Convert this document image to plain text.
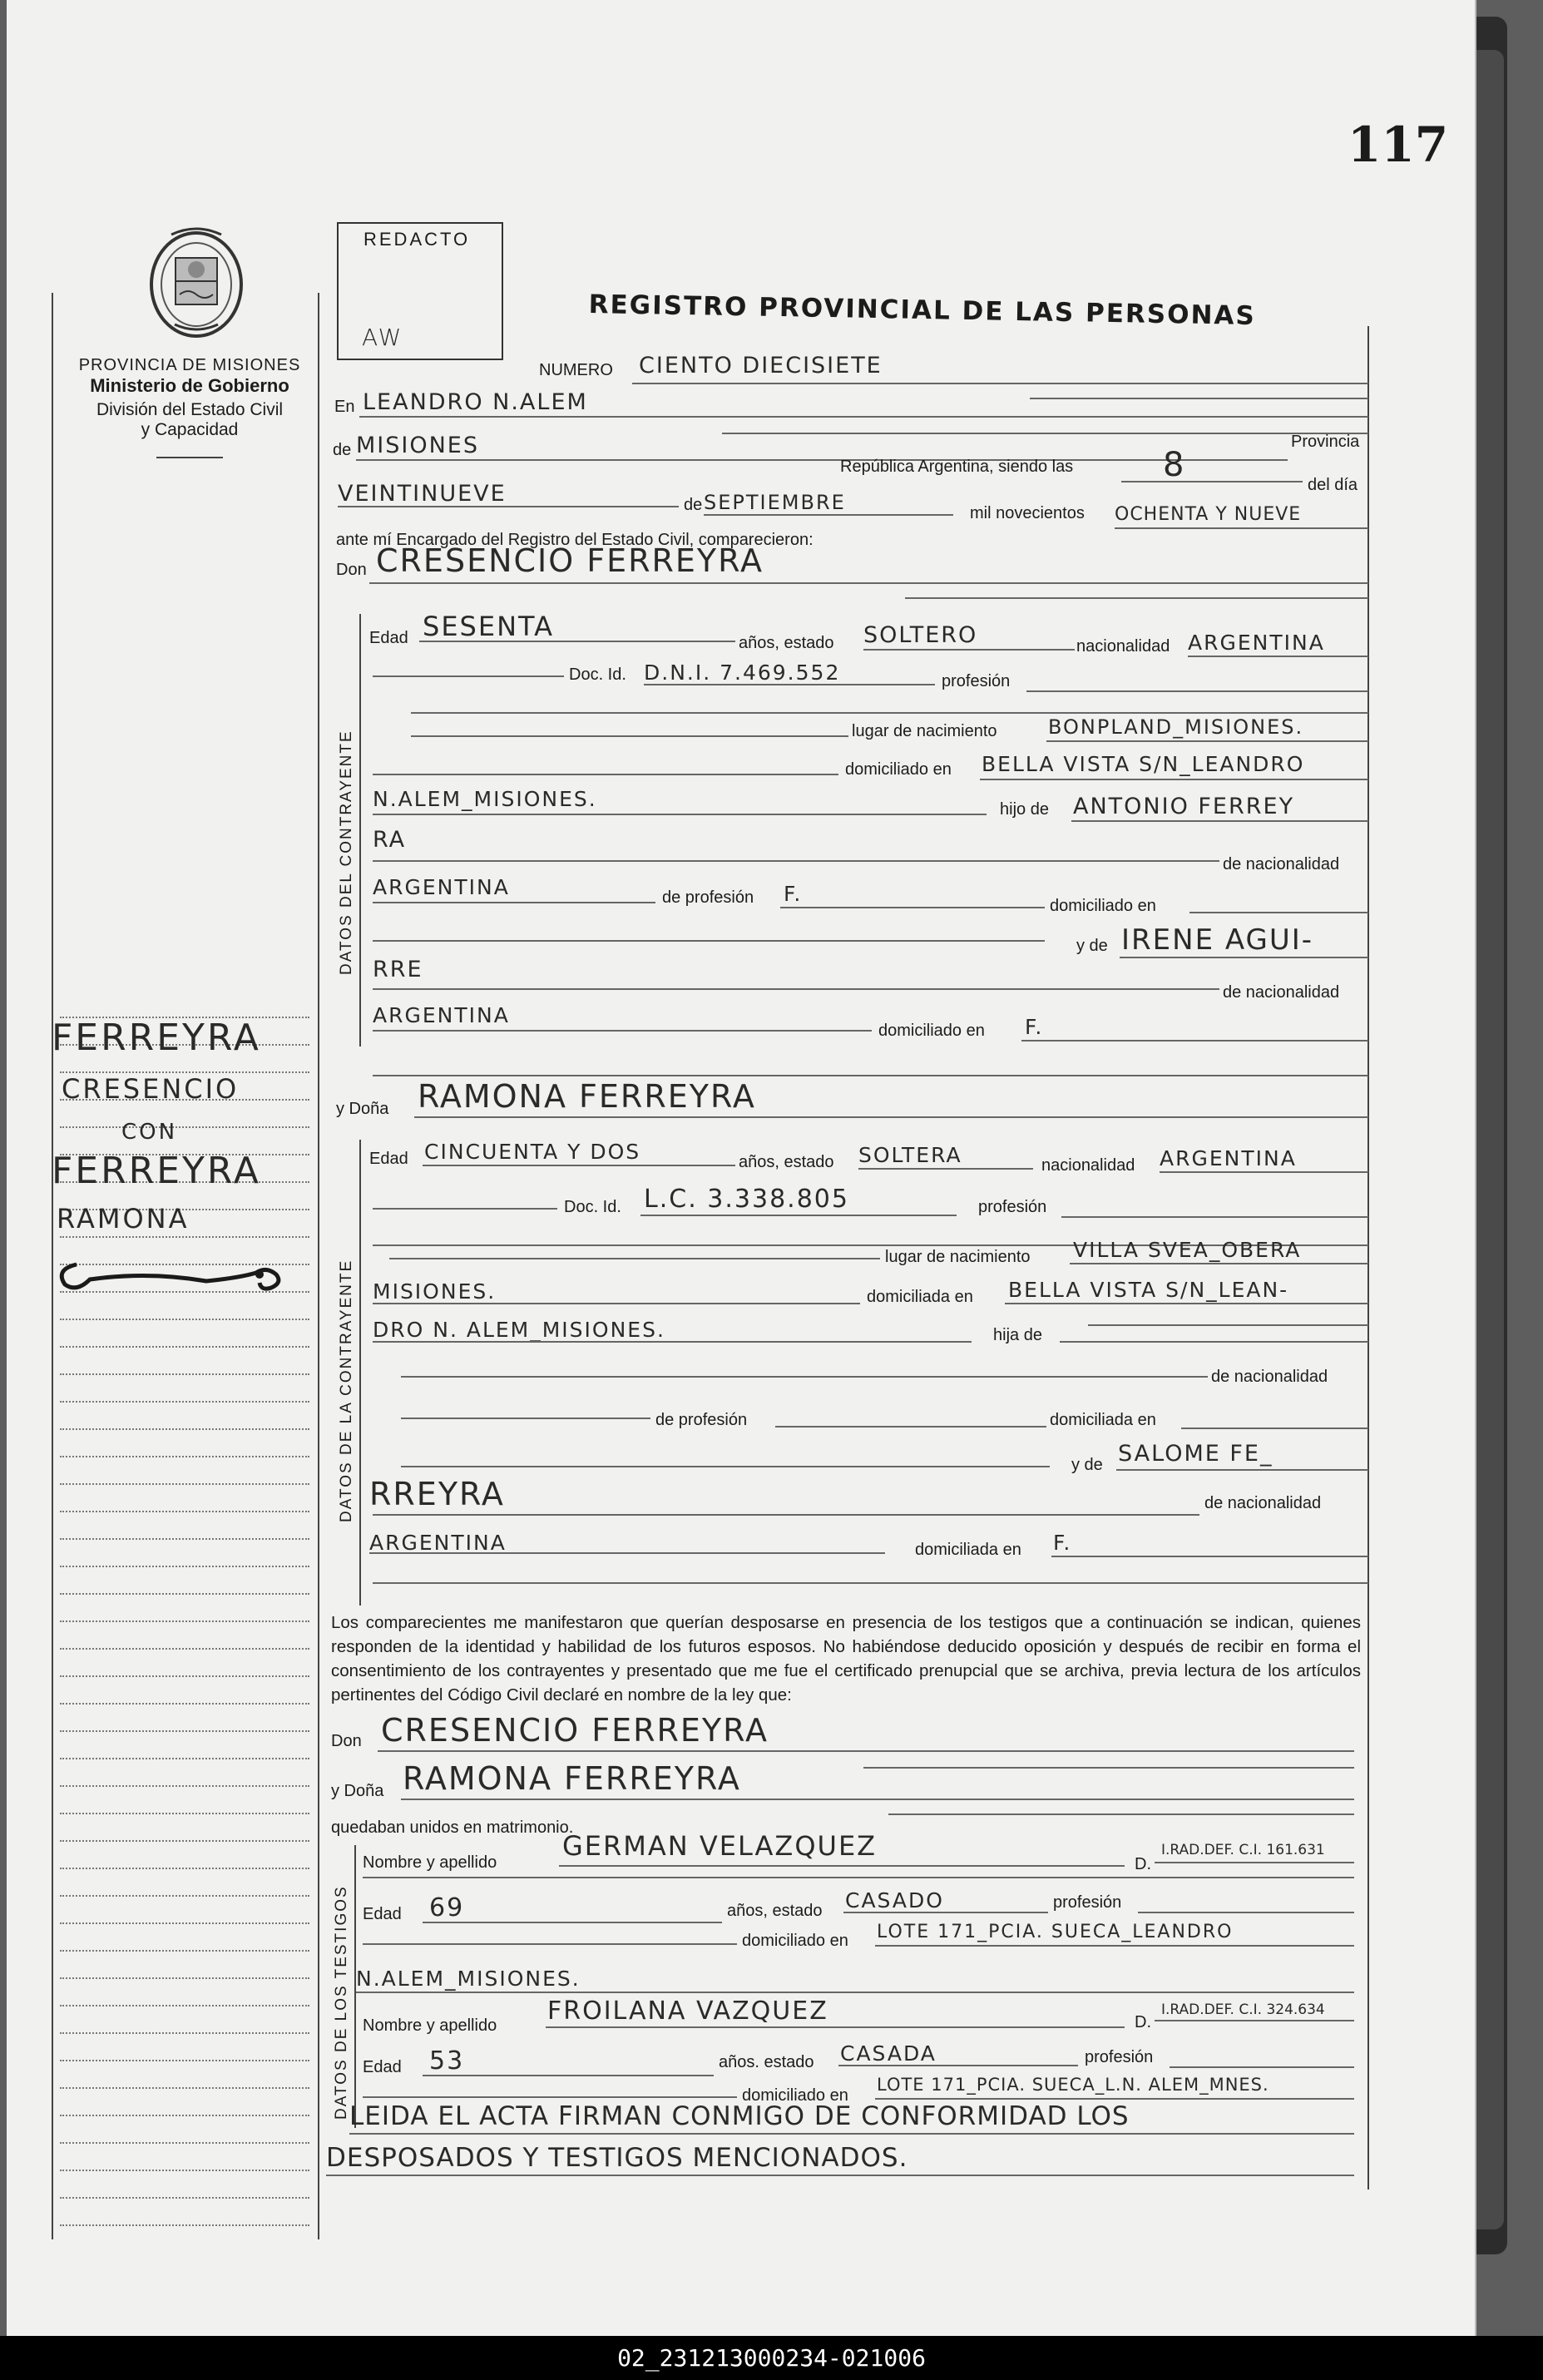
117
PROVINCIA DE MISIONES
Ministerio de Gobierno
División del Estado Civil
y Capacidad
REDACTO
AW
REGISTRO PROVINCIAL DE LAS PERSONAS
FERREYRA
CRESENCIO
CON
FERREYRA
RAMONA
NUMERO CIENTO DIECISIETE
En LEANDRO N.ALEM
de MISIONES	Provincia
República Argentina, siendo las	8
del día
VEINTINUEVE	de SEPTIEMBRE	mil novecientos OCHENTA Y NUEVE
ante mí Encargado del Registro del Estado Civil, comparecieron:
Don CRESENCIO FERREYRA
DATOS DEL CONTRAYENTE
Edad SESENTA
años, estado SOLTERO	nacionalidad ARGENTINA
Doc. Id. D.N.I. 7.469.552	profesión
lugar de nacimiento	BONPLAND_MISIONES.
domiciliado en BELLA VISTA S/N_LEANDRO
N.ALEM_MISIONES.	hijo de ANTONIO FERREY
RA
de nacionalidad
ARGENTINA	de profesión F.	domiciliado en
y de IRENE AGUI-
RRE
de nacionalidad
ARGENTINA
domiciliado en F.
y Doña RAMONA FERREYRA
DATOS DE LA CONTRAYENTE
Edad CINCUENTA Y DOS	años, estado SOLTERA	nacionalidad ARGENTINA
Doc. Id. L.C. 3.338.805	profesión
lugar de nacimiento VILLA SVEA_OBERA
MISIONES.	domiciliada en BELLA VISTA S/N_LEAN-
DRO N. ALEM_MISIONES.	hija de
de nacionalidad
de profesión	domiciliada en
y de SALOME FE_
RREYRA	de nacionalidad
ARGENTINA	domiciliada en F.
Los comparecientes me manifestaron que querían desposarse en presencia de los testigos que a continuación se indican, quienes responden de la identidad y habilidad de los futuros esposos. No habiéndose deducido oposición y después de recibir en forma el consentimiento de los contrayentes y presentado que me fue el certificado prenupcial que se archiva, previa lectura de los artículos pertinentes del Código Civil declaré en nombre de la ley que:
Don CRESENCIO FERREYRA
y Doña RAMONA FERREYRA
quedaban unidos en matrimonio.
DATOS DE LOS TESTIGOS
Nombre y apellido
GERMAN VELAZQUEZ
D.
I.RAD.DEF. C.I. 161.631
Edad 69	años, estado CASADO	profesión
domiciliado en LOTE 171_PCIA. SUECA_LEANDRO
N.ALEM_MISIONES.
Nombre y apellido FROILANA VAZQUEZ	D.
I.RAD.DEF. C.I. 324.634
Edad 53	años. estado CASADA	profesión
domiciliado en
LOTE 171_PCIA. SUECA_L.N. ALEM_MNES.
LEIDA EL ACTA FIRMAN CONMIGO DE CONFORMIDAD LOS
DESPOSADOS Y TESTIGOS MENCIONADOS.
02_231213000234-021006
